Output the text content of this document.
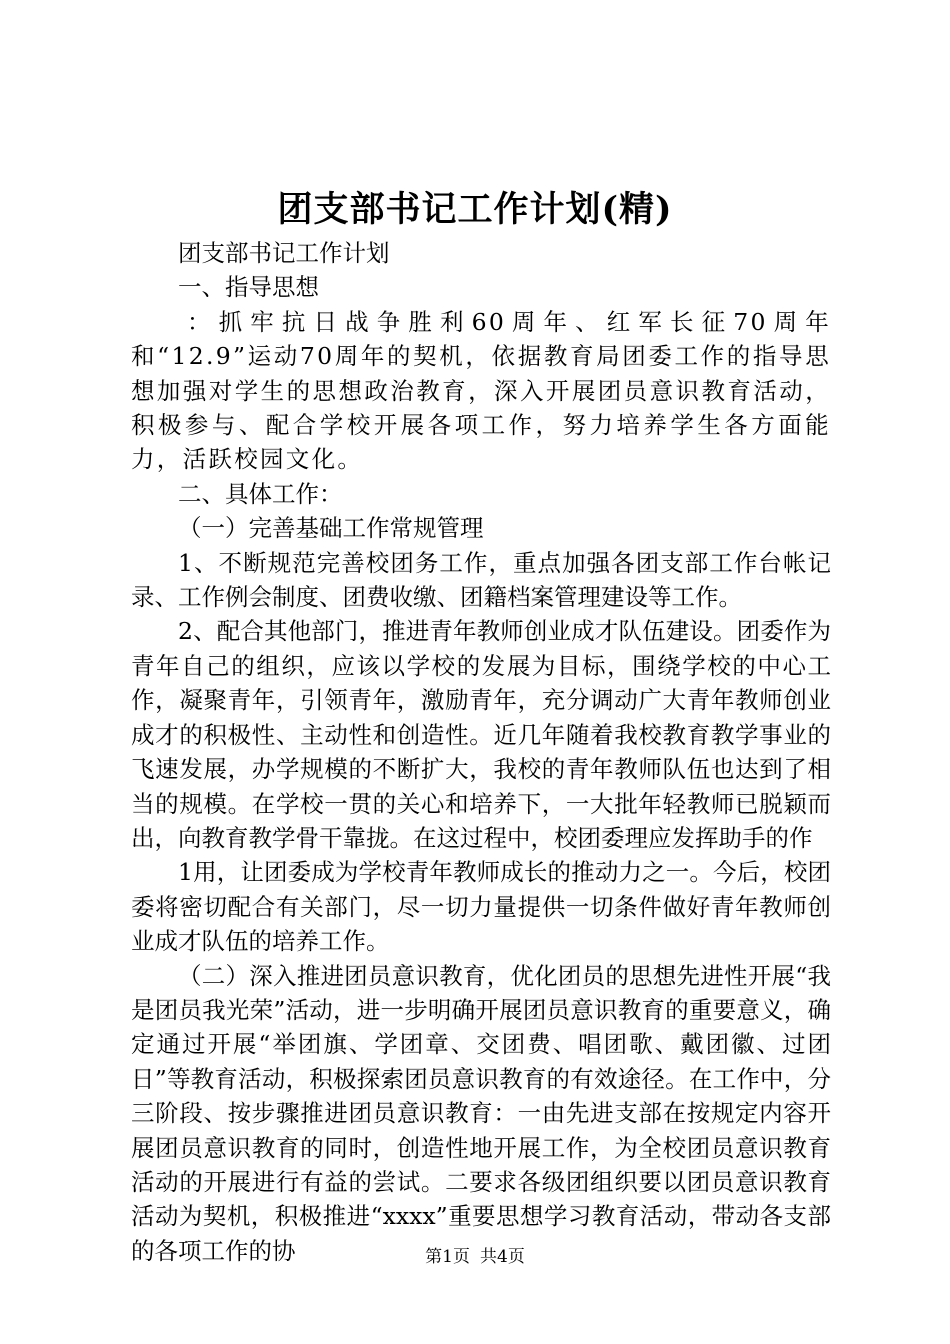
团支部书记工作计划(精)

团支部书记工作计划

一、指导思想

：抓牢抗日战争胜利60周年、红军长征70周年和“12.9”运动70周年的契机，依据教育局团委工作的指导思想加强对学生的思想政治教育，深入开展团员意识教育活动，积极参与、配合学校开展各项工作，努力培养学生各方面能力，活跃校园文化。

二、具体工作：

（一）完善基础工作常规管理

1、不断规范完善校团务工作，重点加强各团支部工作台帐记录、工作例会制度、团费收缴、团籍档案管理建设等工作。

2、配合其他部门，推进青年教师创业成才队伍建设。团委作为青年自己的组织，应该以学校的发展为目标，围绕学校的中心工作，凝聚青年，引领青年，激励青年，充分调动广大青年教师创业成才的积极性、主动性和创造性。近几年随着我校教育教学事业的飞速发展，办学规模的不断扩大，我校的青年教师队伍也达到了相当的规模。在学校一贯的关心和培养下，一大批年轻教师已脱颖而出，向教育教学骨干靠拢。在这过程中，校团委理应发挥助手的作

1用，让团委成为学校青年教师成长的推动力之一。今后，校团委将密切配合有关部门，尽一切力量提供一切条件做好青年教师创业成才队伍的培养工作。

（二）深入推进团员意识教育，优化团员的思想先进性开展“我是团员我光荣”活动，进一步明确开展团员意识教育的重要意义，确定通过开展“举团旗、学团章、交团费、唱团歌、戴团徽、过团日”等教育活动，积极探索团员意识教育的有效途径。在工作中，分三阶段、按步骤推进团员意识教育：一由先进支部在按规定内容开展团员意识教育的同时，创造性地开展工作，为全校团员意识教育活动的开展进行有益的尝试。二要求各级团组织要以团员意识教育活动为契机，积极推进“xxxx”重要思想学习教育活动，带动各支部的各项工作的协	第1页 共4页
